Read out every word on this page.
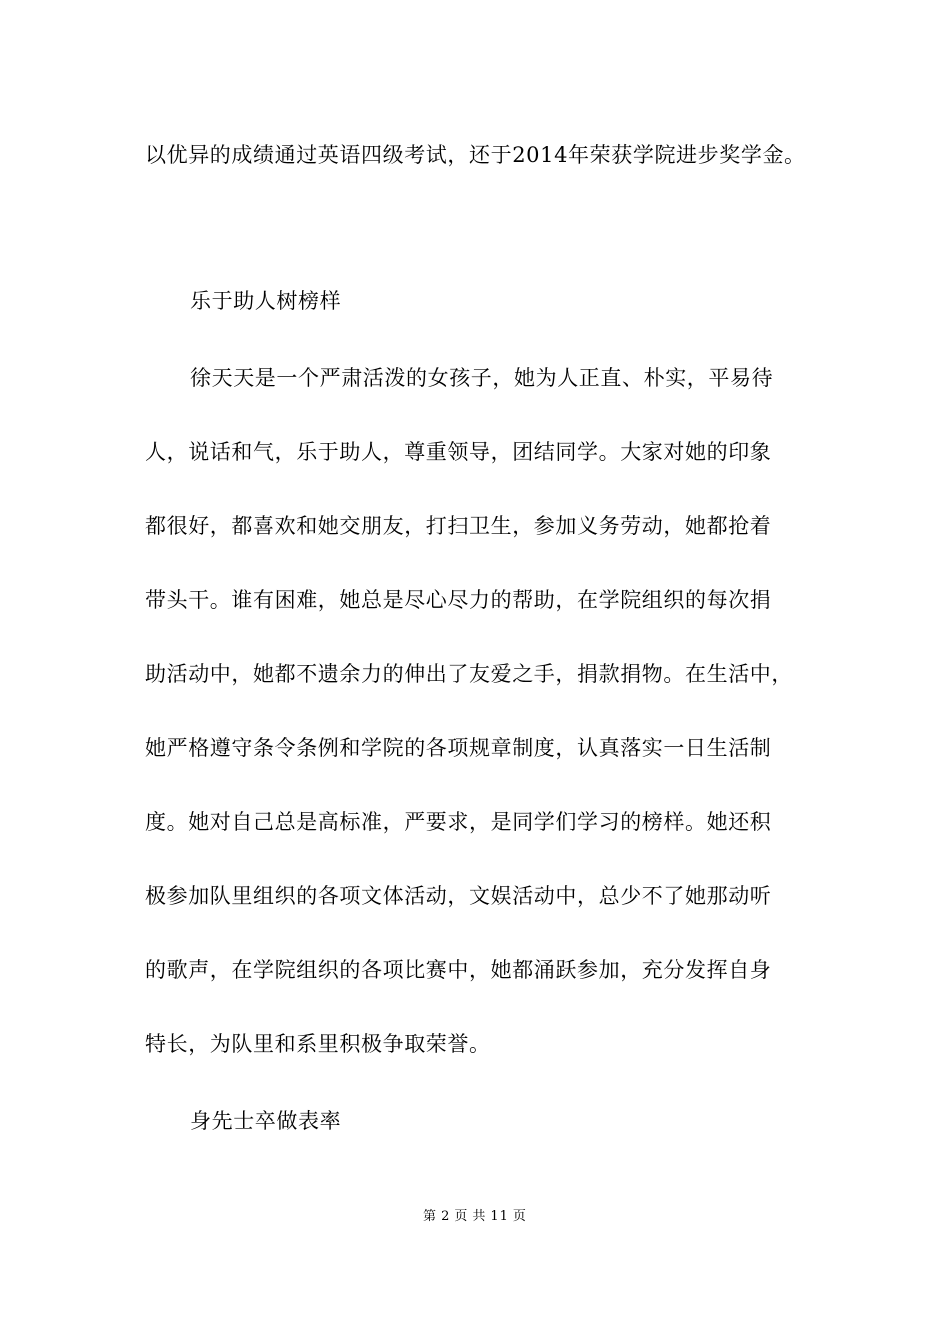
以优异的成绩通过英语四级考试，还于2014年荣获学院进步奖学金。
乐于助人树榜样
徐天天是一个严肃活泼的女孩子，她为人正直、朴实，平易待
人，说话和气，乐于助人，尊重领导，团结同学。大家对她的印象
都很好，都喜欢和她交朋友，打扫卫生，参加义务劳动，她都抢着
带头干。谁有困难，她总是尽心尽力的帮助，在学院组织的每次捐
助活动中，她都不遗余力的伸出了友爱之手，捐款捐物。在生活中，
她严格遵守条令条例和学院的各项规章制度，认真落实一日生活制
度。她对自己总是高标准，严要求，是同学们学习的榜样。她还积
极参加队里组织的各项文体活动，文娱活动中，总少不了她那动听
的歌声，在学院组织的各项比赛中，她都涌跃参加，充分发挥自身
特长，为队里和系里积极争取荣誉。
身先士卒做表率
第 2 页 共 11 页
